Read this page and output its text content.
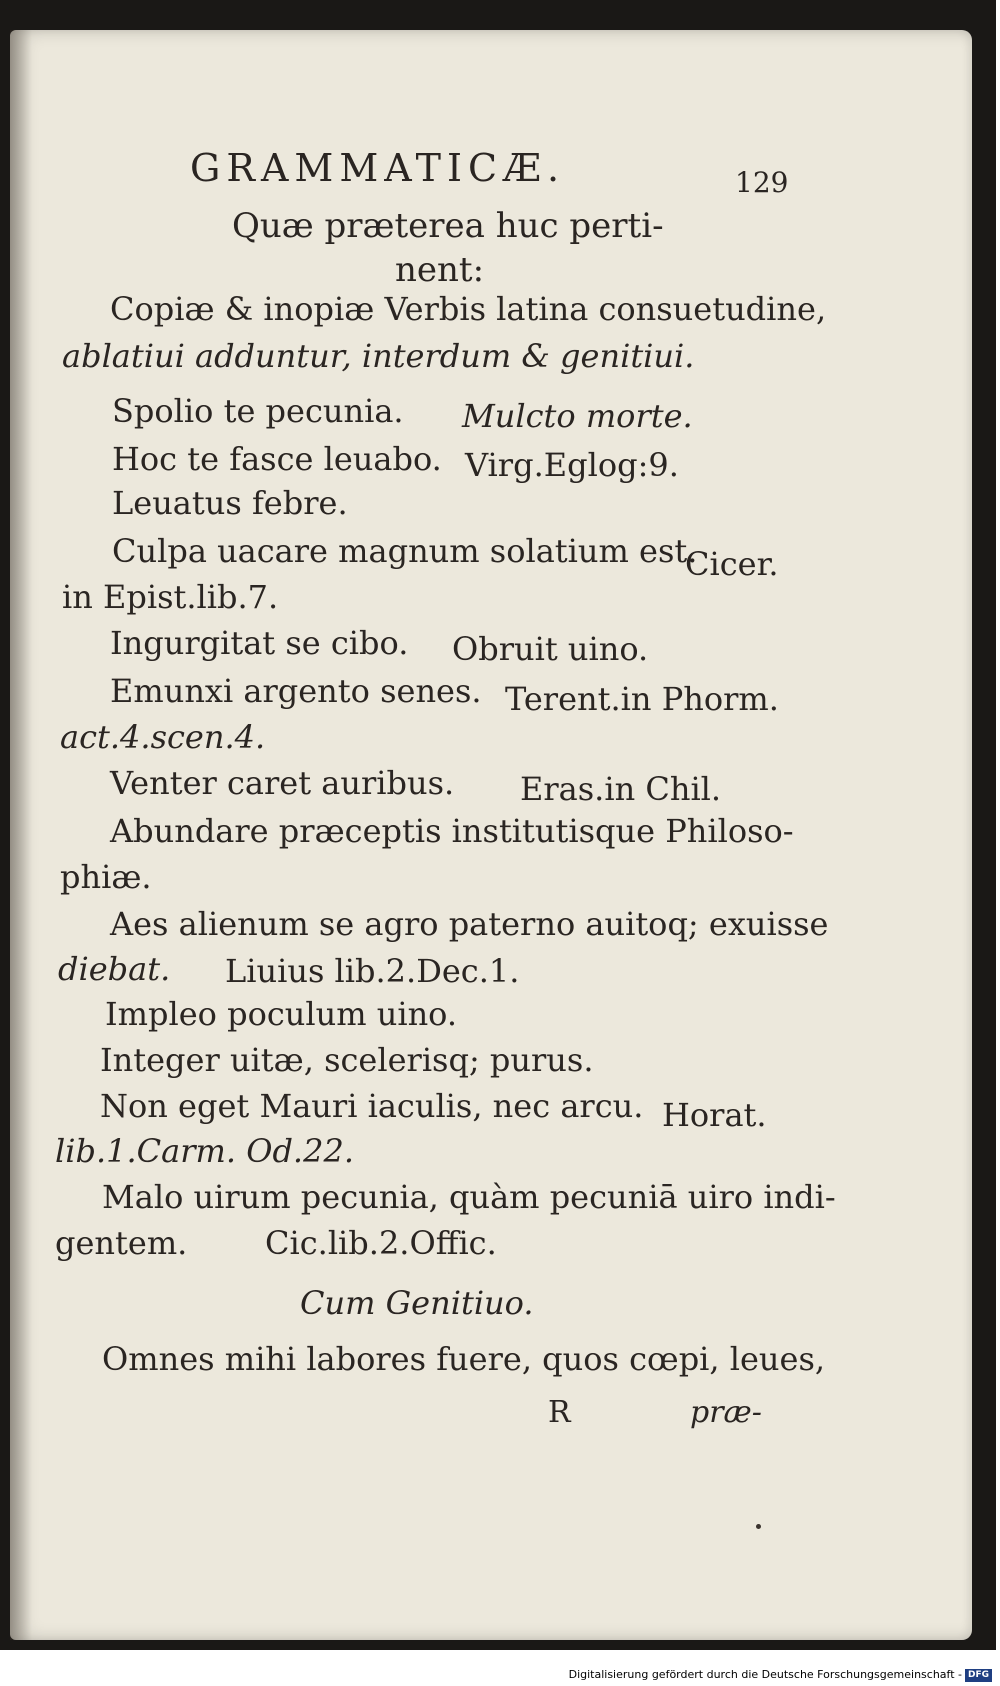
GRAMMATICÆ.	129
Quæ præterea huc perti-
nent:
Copiæ & inopiæ Verbis latina consuetudine,
ablatiui adduntur, interdum & genitiui.
Spolio te pecunia. Mulcto morte.
Hoc te fasce leuabo. Virg.Eglog:9.
Leuatus febre.
Culpa uacare magnum solatium est.
Cicer.
in Epist.lib.7.
Ingurgitat se cibo. Obruit uino.
Emunxi argento senes. Terent.in Phorm.
act.4.scen.4.
Venter caret auribus. Eras.in Chil.
Abundare præceptis institutisque Philoso-
phiæ.
Aes alienum se agro paterno auitoq; exuisse
diebat. Liuius lib.2.Dec.1.
Impleo poculum uino.
Integer uitæ, scelerisq; purus.
Non eget Mauri iaculis, nec arcu. Horat.
lib.1.Carm. Od.22.
Malo uirum pecunia, quàm pecuniā uiro indi-
gentem. Cic.lib.2.Offic.
Cum Genitiuo.
Omnes mihi labores fuere, quos cœpi, leues,
R	præ-
Digitalisierung gefördert durch die Deutsche Forschungsgemeinschaft - DFG
